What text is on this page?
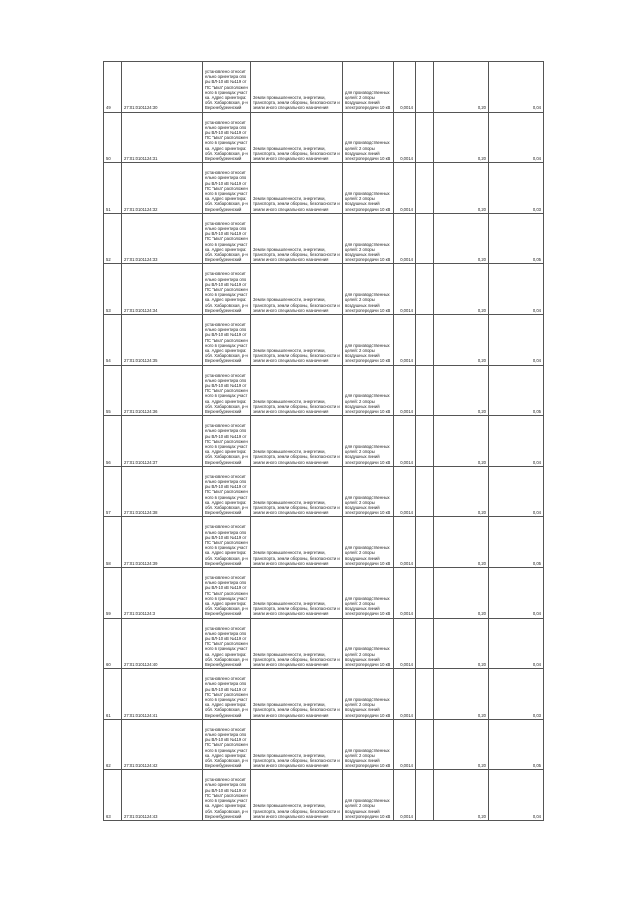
49	27:01:0101124:30	установлено относительно ориентира опоры ВЛ-10 кВ №119 от ПС "Ыка" расположенного в границах участка. Адрес ориентира: обл. Хабаровская, р-н Верхнебуреинский	Земли промышленности, энергетики, транспорта, земли обороны, безопасности и земли иного специального назначения	для производственных целей: 2 опоры воздушных линий электропередачи 10 кВ	0,0014		0,20	0,04
50	27:01:0101124:31	установлено относительно ориентира опоры ВЛ-10 кВ №119 от ПС "Ыка" расположенного в границах участка. Адрес ориентира: обл. Хабаровская, р-н Верхнебуреинский	Земли промышленности, энергетики, транспорта, земли обороны, безопасности и земли иного специального назначения	для производственных целей: 2 опоры воздушных линий электропередачи 10 кВ	0,0014		0,20	0,04
51	27:01:0101124:32	установлено относительно ориентира опоры ВЛ-10 кВ №119 от ПС "Ыка" расположенного в границах участка. Адрес ориентира: обл. Хабаровская, р-н Верхнебуреинский	Земли промышленности, энергетики, транспорта, земли обороны, безопасности и земли иного специального назначения	для производственных целей: 2 опоры воздушных линий электропередачи 10 кВ	0,0014		0,20	0,03
52	27:01:0101124:33	установлено относительно ориентира опоры ВЛ-10 кВ №119 от ПС "Ыка" расположенного в границах участка. Адрес ориентира: обл. Хабаровская, р-н Верхнебуреинский	Земли промышленности, энергетики, транспорта, земли обороны, безопасности и земли иного специального назначения	для производственных целей: 2 опоры воздушных линий электропередачи 10 кВ	0,0014		0,20	0,05
53	27:01:0101124:34	установлено относительно ориентира опоры ВЛ-10 кВ №119 от ПС "Ыка" расположенного в границах участка. Адрес ориентира: обл. Хабаровская, р-н Верхнебуреинский	Земли промышленности, энергетики, транспорта, земли обороны, безопасности и земли иного специального назначения	для производственных целей: 2 опоры воздушных линий электропередачи 10 кВ	0,0014		0,20	0,04
54	27:01:0101124:35	установлено относительно ориентира опоры ВЛ-10 кВ №119 от ПС "Ыка" расположенного в границах участка. Адрес ориентира: обл. Хабаровская, р-н Верхнебуреинский	Земли промышленности, энергетики, транспорта, земли обороны, безопасности и земли иного специального назначения	для производственных целей: 2 опоры воздушных линий электропередачи 10 кВ	0,0014		0,20	0,04
55	27:01:0101124:36	установлено относительно ориентира опоры ВЛ-10 кВ №119 от ПС "Ыка" расположенного в границах участка. Адрес ориентира: обл. Хабаровская, р-н Верхнебуреинский	Земли промышленности, энергетики, транспорта, земли обороны, безопасности и земли иного специального назначения	для производственных целей: 2 опоры воздушных линий электропередачи 10 кВ	0,0014		0,20	0,05
56	27:01:0101124:37	установлено относительно ориентира опоры ВЛ-10 кВ №119 от ПС "Ыка" расположенного в границах участка. Адрес ориентира: обл. Хабаровская, р-н Верхнебуреинский	Земли промышленности, энергетики, транспорта, земли обороны, безопасности и земли иного специального назначения	для производственных целей: 2 опоры воздушных линий электропередачи 10 кВ	0,0014		0,20	0,04
57	27:01:0101124:38	установлено относительно ориентира опоры ВЛ-10 кВ №119 от ПС "Ыка" расположенного в границах участка. Адрес ориентира: обл. Хабаровская, р-н Верхнебуреинский	Земли промышленности, энергетики, транспорта, земли обороны, безопасности и земли иного специального назначения	для производственных целей: 2 опоры воздушных линий электропередачи 10 кВ	0,0014		0,20	0,04
58	27:01:0101124:39	установлено относительно ориентира опоры ВЛ-10 кВ №119 от ПС "Ыка" расположенного в границах участка. Адрес ориентира: обл. Хабаровская, р-н Верхнебуреинский	Земли промышленности, энергетики, транспорта, земли обороны, безопасности и земли иного специального назначения	для производственных целей: 2 опоры воздушных линий электропередачи 10 кВ	0,0014		0,20	0,05
59	27:01:0101124:3	установлено относительно ориентира опоры ВЛ-10 кВ №119 от ПС "Ыка" расположенного в границах участка. Адрес ориентира: обл. Хабаровская, р-н Верхнебуреинский	Земли промышленности, энергетики, транспорта, земли обороны, безопасности и земли иного специального назначения	для производственных целей: 2 опоры воздушных линий электропередачи 10 кВ	0,0014		0,20	0,04
60	27:01:0101124:40	установлено относительно ориентира опоры ВЛ-10 кВ №119 от ПС "Ыка" расположенного в границах участка. Адрес ориентира: обл. Хабаровская, р-н Верхнебуреинский	Земли промышленности, энергетики, транспорта, земли обороны, безопасности и земли иного специального назначения	для производственных целей: 2 опоры воздушных линий электропередачи 10 кВ	0,0014		0,20	0,04
61	27:01:0101124:41	установлено относительно ориентира опоры ВЛ-10 кВ №119 от ПС "Ыка" расположенного в границах участка. Адрес ориентира: обл. Хабаровская, р-н Верхнебуреинский	Земли промышленности, энергетики, транспорта, земли обороны, безопасности и земли иного специального назначения	для производственных целей: 2 опоры воздушных линий электропередачи 10 кВ	0,0014		0,20	0,03
62	27:01:0101124:42	установлено относительно ориентира опоры ВЛ-10 кВ №119 от ПС "Ыка" расположенного в границах участка. Адрес ориентира: обл. Хабаровская, р-н Верхнебуреинский	Земли промышленности, энергетики, транспорта, земли обороны, безопасности и земли иного специального назначения	для производственных целей: 2 опоры воздушных линий электропередачи 10 кВ	0,0014		0,20	0,05
63	27:01:0101124:43	установлено относительно ориентира опоры ВЛ-10 кВ №119 от ПС "Ыка" расположенного в границах участка. Адрес ориентира: обл. Хабаровская, р-н Верхнебуреинский	Земли промышленности, энергетики, транспорта, земли обороны, безопасности и земли иного специального назначения	для производственных целей: 2 опоры воздушных линий электропередачи 10 кВ	0,0014		0,20	0,04
